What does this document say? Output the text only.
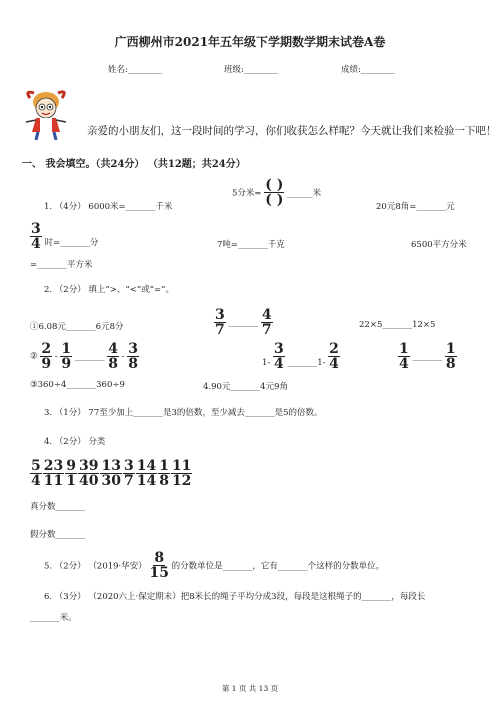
广西柳州市2021年五年级下学期数学期末试卷A卷
姓名:________	班级:________	成绩:________
亲爱的小朋友们，这一段时间的学习，你们收获怎么样呢？今天就让我们来检验一下吧！
一、 我会填空。（共24分） （共12题；共24分）
1. （4分） 6000米=_______千米
5分米= $\frac{( )}{( )}$ ______米
20元8角=_______元
$\frac{3}{4}$ 时=_______分	7吨=_______千克	6500平方分米
=_______平方米
2. （2分） 填上“>、“<”或“=”。
①6.08元_______6元8分	$\frac{3}{7}$ _______ $\frac{4}{7}$	22×5_______12×5
② $\frac{2}{9} - \frac{1}{9}$ _______ $\frac{4}{8} - \frac{3}{8}$	$1- \frac{3}{4}$ _______1- $\frac{2}{4}$	$\frac{1}{4}$ _______ $\frac{1}{8}$
③360÷4_______360÷9	4.90元_______4元9角
3. （1分） 77至少加上_______是3的倍数，至少减去_______是5的倍数。
4. （2分） 分类
$\frac{5}{4} \frac{23}{11} \frac{9}{1} \frac{39}{40} \frac{13}{30} \frac{3}{7} \frac{14}{14} \frac{1}{8} \frac{11}{12}$
真分数_______
假分数_______
5. （2分） （2019·华安） $\frac{8}{15}$ 的分数单位是_______，它有_______个这样的分数单位。
6. （3分） （2020六上·保定期末）把8米长的绳子平均分成3段，每段是这根绳子的_______，每段长
_______米。
第 1 页 共 13 页
